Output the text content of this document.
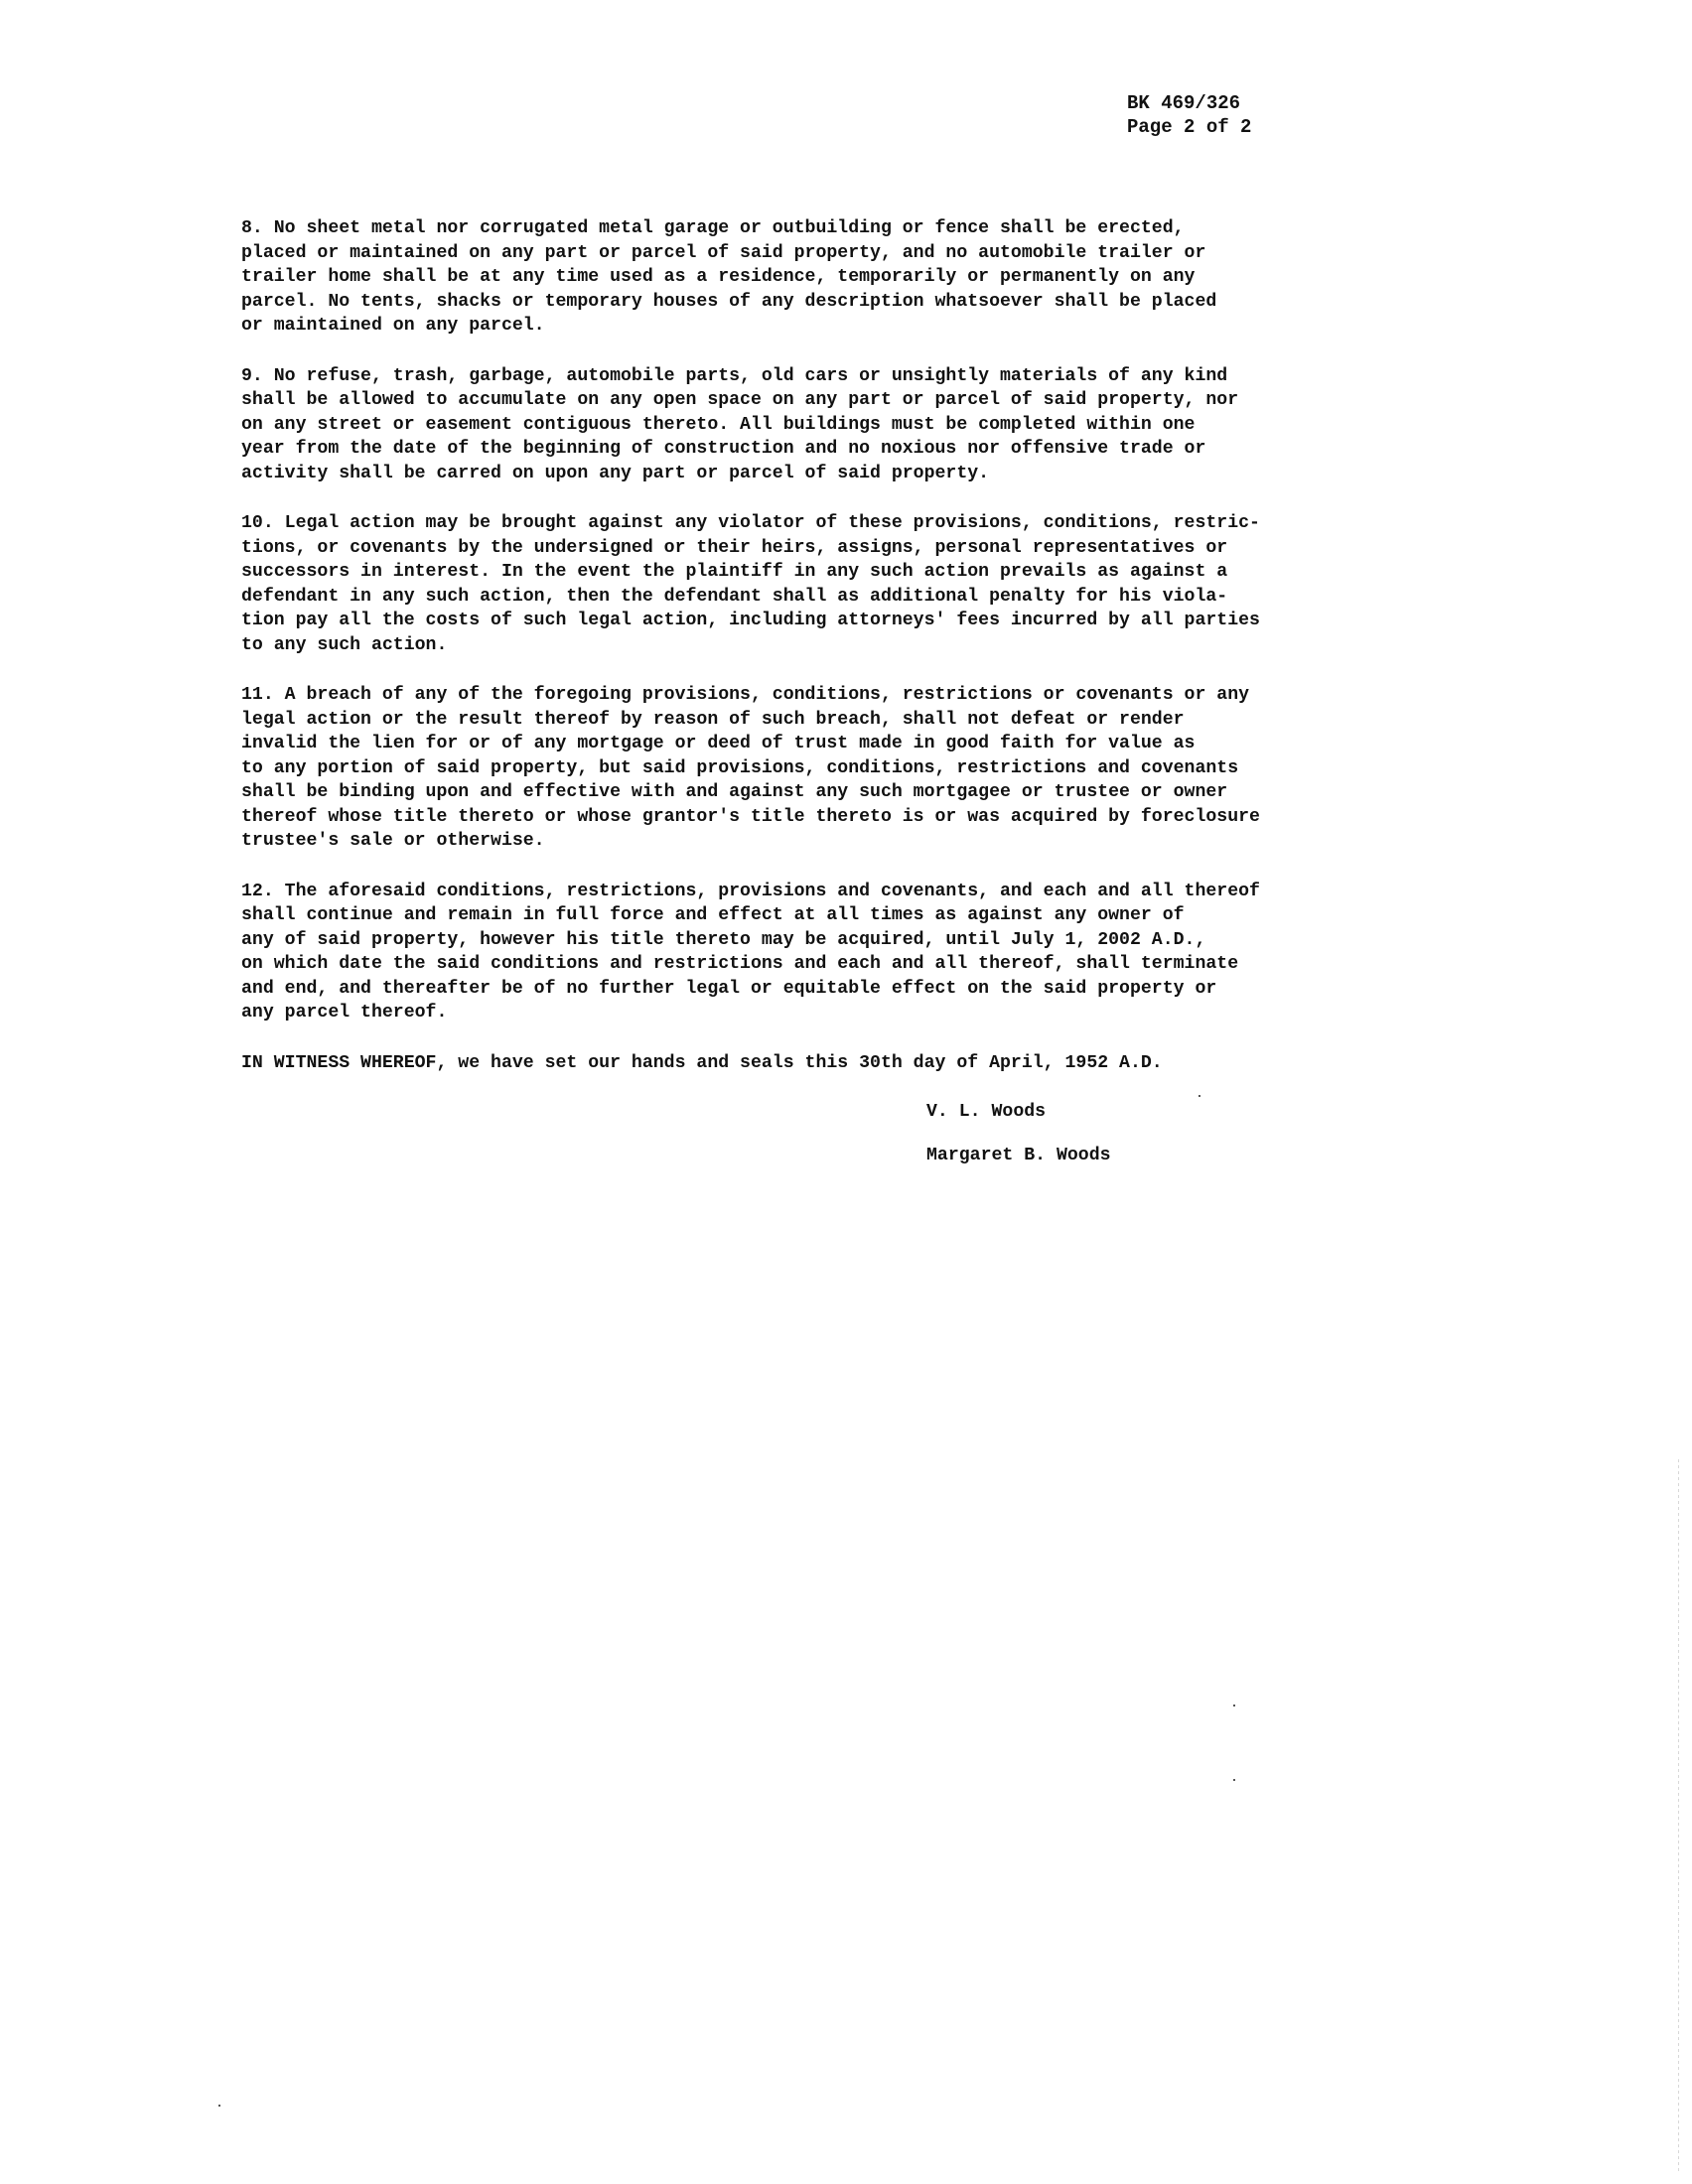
BK 469/326
Page 2 of 2
8. No sheet metal nor corrugated metal garage or outbuilding or fence shall be erected,
placed or maintained on any part or parcel of said property, and no automobile trailer or
trailer home shall be at any time used as a residence, temporarily or permanently on any
parcel. No tents, shacks or temporary houses of any description whatsoever shall be placed
or maintained on any parcel.
9. No refuse, trash, garbage, automobile parts, old cars or unsightly materials of any kind
shall be allowed to accumulate on any open space on any part or parcel of said property, nor
on any street or easement contiguous thereto. All buildings must be completed within one
year from the date of the beginning of construction and no noxious nor offensive trade or
activity shall be carred on upon any part or parcel of said property.
10. Legal action may be brought against any violator of these provisions, conditions, restric-
tions, or covenants by the undersigned or their heirs, assigns, personal representatives or
successors in interest. In the event the plaintiff in any such action prevails as against a
defendant in any such action, then the defendant shall as additional penalty for his viola-
tion pay all the costs of such legal action, including attorneys' fees incurred by all parties
to any such action.
11. A breach of any of the foregoing provisions, conditions, restrictions or covenants or any
legal action or the result thereof by reason of such breach, shall not defeat or render
invalid the lien for or of any mortgage or deed of trust made in good faith for value as
to any portion of said property, but said provisions, conditions, restrictions and covenants
shall be binding upon and effective with and against any such mortgagee or trustee or owner
thereof whose title thereto or whose grantor's title thereto is or was acquired by foreclosure
trustee's sale or otherwise.
12. The aforesaid conditions, restrictions, provisions and covenants, and each and all thereof
shall continue and remain in full force and effect at all times as against any owner of
any of said property, however his title thereto may be acquired, until July 1, 2002 A.D.,
on which date the said conditions and restrictions and each and all thereof, shall terminate
and end, and thereafter be of no further legal or equitable effect on the said property or
any parcel thereof.
IN WITNESS WHEREOF, we have set our hands and seals this 30th day of April, 1952 A.D.
V. L. Woods
Margaret B. Woods
